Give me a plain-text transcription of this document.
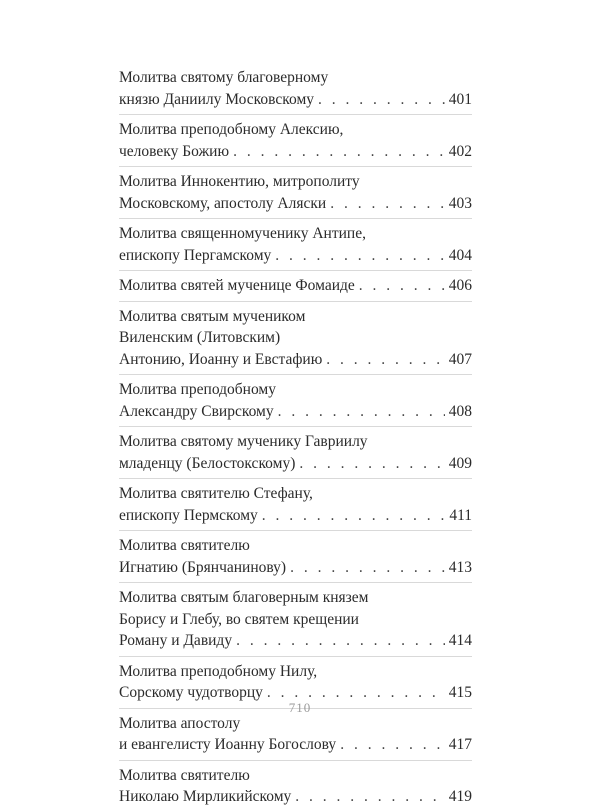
Молитва святому благоверному
князю Даниилу Московскому . . .	401
Молитва преподобному Алексию,
человеку Божию . . .	402
Молитва Иннокентию, митрополиту
Московскому, апостолу Аляски . . .	403
Молитва священномученику Антипе,
епископу Пергамскому . . .	404
Молитва святей мученице Фомаиде . . .	406
Молитва святым мучеником
Виленским (Литовским)
Антонию, Иоанну и Евстафию . . .	407
Молитва преподобному
Александру Свирскому . . .	408
Молитва святому мученику Гавриилу
младенцу (Белостокскому) . . .	409
Молитва святителю Стефану,
епископу Пермскому . . .	411
Молитва святителю
Игнатию (Брянчанинову) . . .	413
Молитва святым благоверным князем
Борису и Глебу, во святем крещении
Роману и Давиду . . .	414
Молитва преподобному Нилу,
Сорскому чудотворцу . . .	415
Молитва апостолу
и евангелисту Иоанну Богослову . . .	417
Молитва святителю
Николаю Мирликийскому . . .	419
710
